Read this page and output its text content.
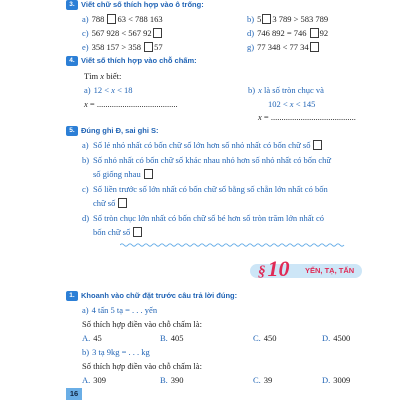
3. Viết chữ số thích hợp vào ô trống:
a) 788 63 < 788 163	b) 5 3 789 > 583 789
c) 567 928 < 567 92	d) 746 892 = 746 92
e) 358 157 > 358 57	g) 77 348 < 77 34
4. Viết số thích hợp vào chỗ chấm:
Tìm x biết:
a) 12 < x < 18
x = ......................................
b) x là số tròn chục và
102 < x < 145
x = ........................................
5. Đúng ghi Đ, sai ghi S:
a) Số lẻ nhỏ nhất có bốn chữ số lớn hơn số nhỏ nhất có bốn chữ số
b) Số nhỏ nhất có bốn chữ số khác nhau nhỏ hơn số nhỏ nhất có bốn chữ
số giống nhau
c) Số liền trước số lớn nhất có bốn chữ số bằng số chẵn lớn nhất có bốn
chữ số
d) Số tròn chục lớn nhất có bốn chữ số bé hơn số tròn trăm lớn nhất có
bốn chữ số
§10 YẾN, TẠ, TẤN
1. Khoanh vào chữ đặt trước câu trả lời đúng:
a) 4 tấn 5 tạ = . . . yến
Số thích hợp điền vào chỗ chấm là:
A. 45	B. 405	C. 450	D. 4500
b) 3 tạ 9kg = . . . kg
Số thích hợp điền vào chỗ chấm là:
A. 309	B. 390	C. 39	D. 3009
16
